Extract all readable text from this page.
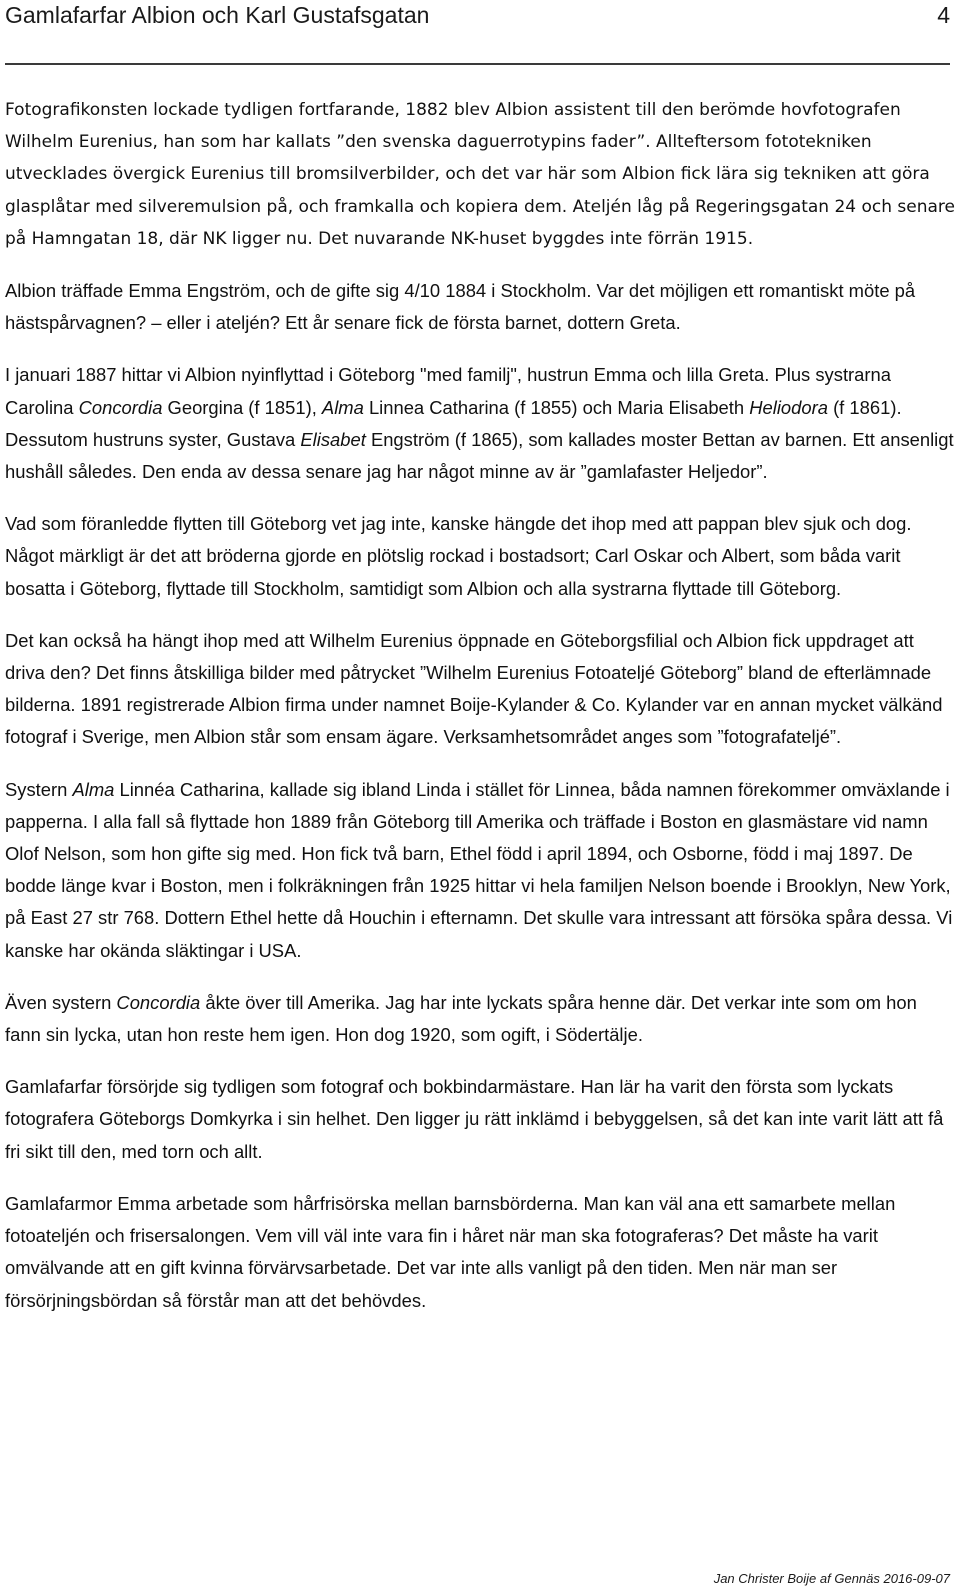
Gamlafarfar Albion och Karl Gustafsgatan	4

Fotografikonsten lockade tydligen fortfarande, 1882 blev Albion assistent till den berömde hovfotografen Wilhelm Eurenius, han som har kallats ”den svenska daguerrotypins fader”. Allteftersom fototekniken utvecklades övergick Eurenius till bromsilverbilder, och det var här som Albion fick lära sig tekniken att göra glasplåtar med silveremulsion på, och framkalla och kopiera dem. Ateljén låg på Regeringsgatan 24 och senare på Hamngatan 18, där NK ligger nu. Det nuvarande NK-huset byggdes inte förrän 1915.

Albion träffade Emma Engström, och de gifte sig 4/10 1884 i Stockholm. Var det möjligen ett romantiskt möte på hästspårvagnen? – eller i ateljén? Ett år senare fick de första barnet, dottern Greta.

I januari 1887 hittar vi Albion nyinflyttad i Göteborg "med familj", hustrun Emma och lilla Greta. Plus systrarna Carolina Concordia Georgina (f 1851), Alma Linnea Catharina (f 1855) och Maria Elisabeth Heliodora (f 1861). Dessutom hustruns syster, Gustava Elisabet Engström (f 1865), som kallades moster Bettan av barnen. Ett ansenligt hushåll således. Den enda av dessa senare jag har något minne av är ”gamlafaster Heljedor”.

Vad som föranledde flytten till Göteborg vet jag inte, kanske hängde det ihop med att pappan blev sjuk och dog. Något märkligt är det att bröderna gjorde en plötslig rockad i bostadsort; Carl Oskar och Albert, som båda varit bosatta i Göteborg, flyttade till Stockholm, samtidigt som Albion och alla systrarna flyttade till Göteborg.

Det kan också ha hängt ihop med att Wilhelm Eurenius öppnade en Göteborgsfilial och Albion fick uppdraget att driva den? Det finns åtskilliga bilder med påtrycket ”Wilhelm Eurenius Fotoateljé Göteborg” bland de efterlämnade bilderna. 1891 registrerade Albion firma under namnet Boije-Kylander & Co. Kylander var en annan mycket välkänd fotograf i Sverige, men Albion står som ensam ägare. Verksamhetsområdet anges som ”fotografateljé”.

Systern Alma Linnéa Catharina, kallade sig ibland Linda i stället för Linnea, båda namnen förekommer omväxlande i papperna. I alla fall så flyttade hon 1889 från Göteborg till Amerika och träffade i Boston en glasmästare vid namn Olof Nelson, som hon gifte sig med. Hon fick två barn, Ethel född i april 1894, och Osborne, född i maj 1897. De bodde länge kvar i Boston, men i folkräkningen från 1925 hittar vi hela familjen Nelson boende i Brooklyn, New York, på East 27 str 768. Dottern Ethel hette då Houchin i efternamn. Det skulle vara intressant att försöka spåra dessa. Vi kanske har okända släktingar i USA.

Även systern Concordia åkte över till Amerika. Jag har inte lyckats spåra henne där. Det verkar inte som om hon fann sin lycka, utan hon reste hem igen. Hon dog 1920, som ogift, i Södertälje.

Gamlafarfar försörjde sig tydligen som fotograf och bokbindarmästare. Han lär ha varit den första som lyckats fotografera Göteborgs Domkyrka i sin helhet. Den ligger ju rätt inklämd i bebyggelsen, så det kan inte varit lätt att få fri sikt till den, med torn och allt.

Gamlafarmor Emma arbetade som hårfrisörska mellan barnsbörderna. Man kan väl ana ett samarbete mellan fotoateljén och frisersalongen. Vem vill väl inte vara fin i håret när man ska fotograferas? Det måste ha varit omvälvande att en gift kvinna förvärvsarbetade. Det var inte alls vanligt på den tiden. Men när man ser försörjningsbördan så förstår man att det behövdes.

Jan Christer Boije af Gennäs 2016-09-07
